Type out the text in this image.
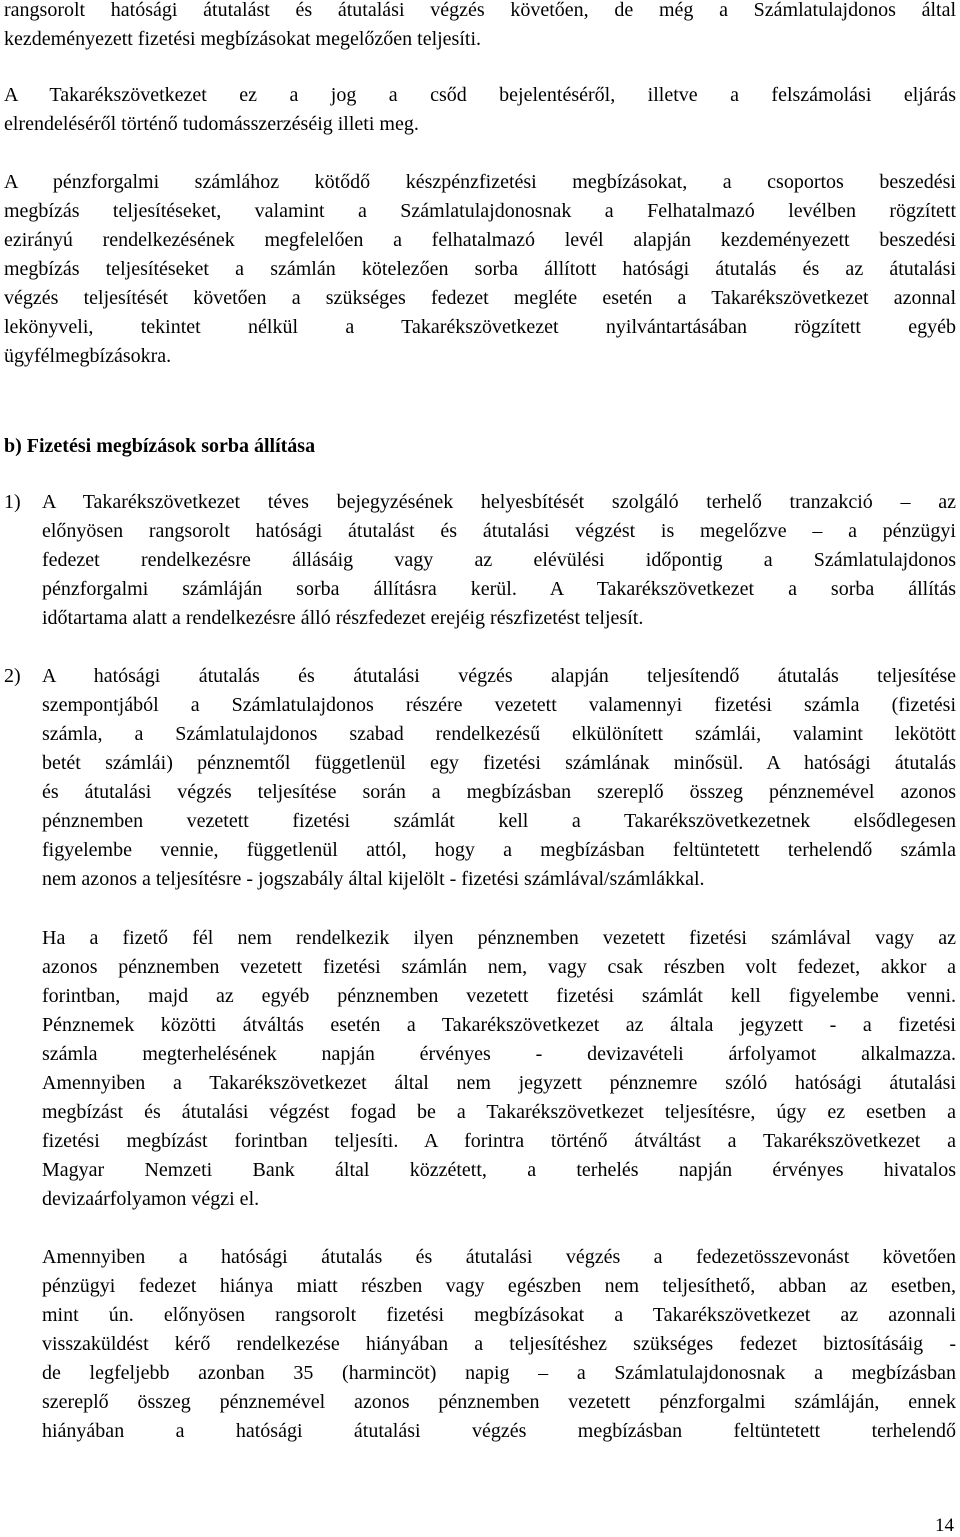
rangsorolt hatósági átutalást és átutalási végzés követően, de még a Számlatulajdonos által
kezdeményezett fizetési megbízásokat megelőzően teljesíti.
A Takarékszövetkezet ez a jog a csőd bejelentéséről, illetve a felszámolási eljárás
elrendeléséről történő tudomásszerzéséig illeti meg.
A pénzforgalmi számlához kötődő készpénzfizetési megbízásokat, a csoportos beszedési
megbízás teljesítéseket, valamint a Számlatulajdonosnak a Felhatalmazó levélben rögzített
ezirányú rendelkezésének megfelelően a felhatalmazó levél alapján kezdeményezett beszedési
megbízás teljesítéseket a számlán kötelezően sorba állított hatósági átutalás és az átutalási
végzés teljesítését követően a szükséges fedezet megléte esetén a Takarékszövetkezet azonnal
lekönyveli, tekintet nélkül a Takarékszövetkezet nyilvántartásában rögzített egyéb
ügyfélmegbízásokra.
b) Fizetési megbízások sorba állítása
1) A Takarékszövetkezet téves bejegyzésének helyesbítését szolgáló terhelő tranzakció – az
előnyösen rangsorolt hatósági átutalást és átutalási végzést is megelőzve – a pénzügyi
fedezet rendelkezésre állásáig vagy az elévülési időpontig a Számlatulajdonos
pénzforgalmi számláján sorba állításra kerül. A Takarékszövetkezet a sorba állítás
időtartama alatt a rendelkezésre álló részfedezet erejéig részfizetést teljesít.
2) A hatósági átutalás és átutalási végzés alapján teljesítendő átutalás teljesítése
szempontjából a Számlatulajdonos részére vezetett valamennyi fizetési számla (fizetési
számla, a Számlatulajdonos szabad rendelkezésű elkülönített számlái, valamint lekötött
betét számlái) pénznemtől függetlenül egy fizetési számlának minősül. A hatósági átutalás
és átutalási végzés teljesítése során a megbízásban szereplő összeg pénznemével azonos
pénznemben vezetett fizetési számlát kell a Takarékszövetkezetnek elsődlegesen
figyelembe vennie, függetlenül attól, hogy a megbízásban feltüntetett terhelendő számla
nem azonos a teljesítésre - jogszabály által kijelölt - fizetési számlával/számlákkal.
Ha a fizető fél nem rendelkezik ilyen pénznemben vezetett fizetési számlával vagy az
azonos pénznemben vezetett fizetési számlán nem, vagy csak részben volt fedezet, akkor a
forintban, majd az egyéb pénznemben vezetett fizetési számlát kell figyelembe venni.
Pénznemek közötti átváltás esetén a Takarékszövetkezet az általa jegyzett - a fizetési
számla megterhelésének napján érvényes - devizavételi árfolyamot alkalmazza.
Amennyiben a Takarékszövetkezet által nem jegyzett pénznemre szóló hatósági átutalási
megbízást és átutalási végzést fogad be a Takarékszövetkezet teljesítésre, úgy ez esetben a
fizetési megbízást forintban teljesíti. A forintra történő átváltást a Takarékszövetkezet a
Magyar Nemzeti Bank által közzétett, a terhelés napján érvényes hivatalos
devizaárfolyamon végzi el.
Amennyiben a hatósági átutalás és átutalási végzés a fedezetösszevonást követően
pénzügyi fedezet hiánya miatt részben vagy egészben nem teljesíthető, abban az esetben,
mint ún. előnyösen rangsorolt fizetési megbízásokat a Takarékszövetkezet az azonnali
visszaküldést kérő rendelkezése hiányában a teljesítéshez szükséges fedezet biztosításáig -
de legfeljebb azonban 35 (harmincöt) napig – a Számlatulajdonosnak a megbízásban
szereplő összeg pénznemével azonos pénznemben vezetett pénzforgalmi számláján, ennek
hiányában a hatósági átutalási végzés megbízásban feltüntetett terhelendő
14
